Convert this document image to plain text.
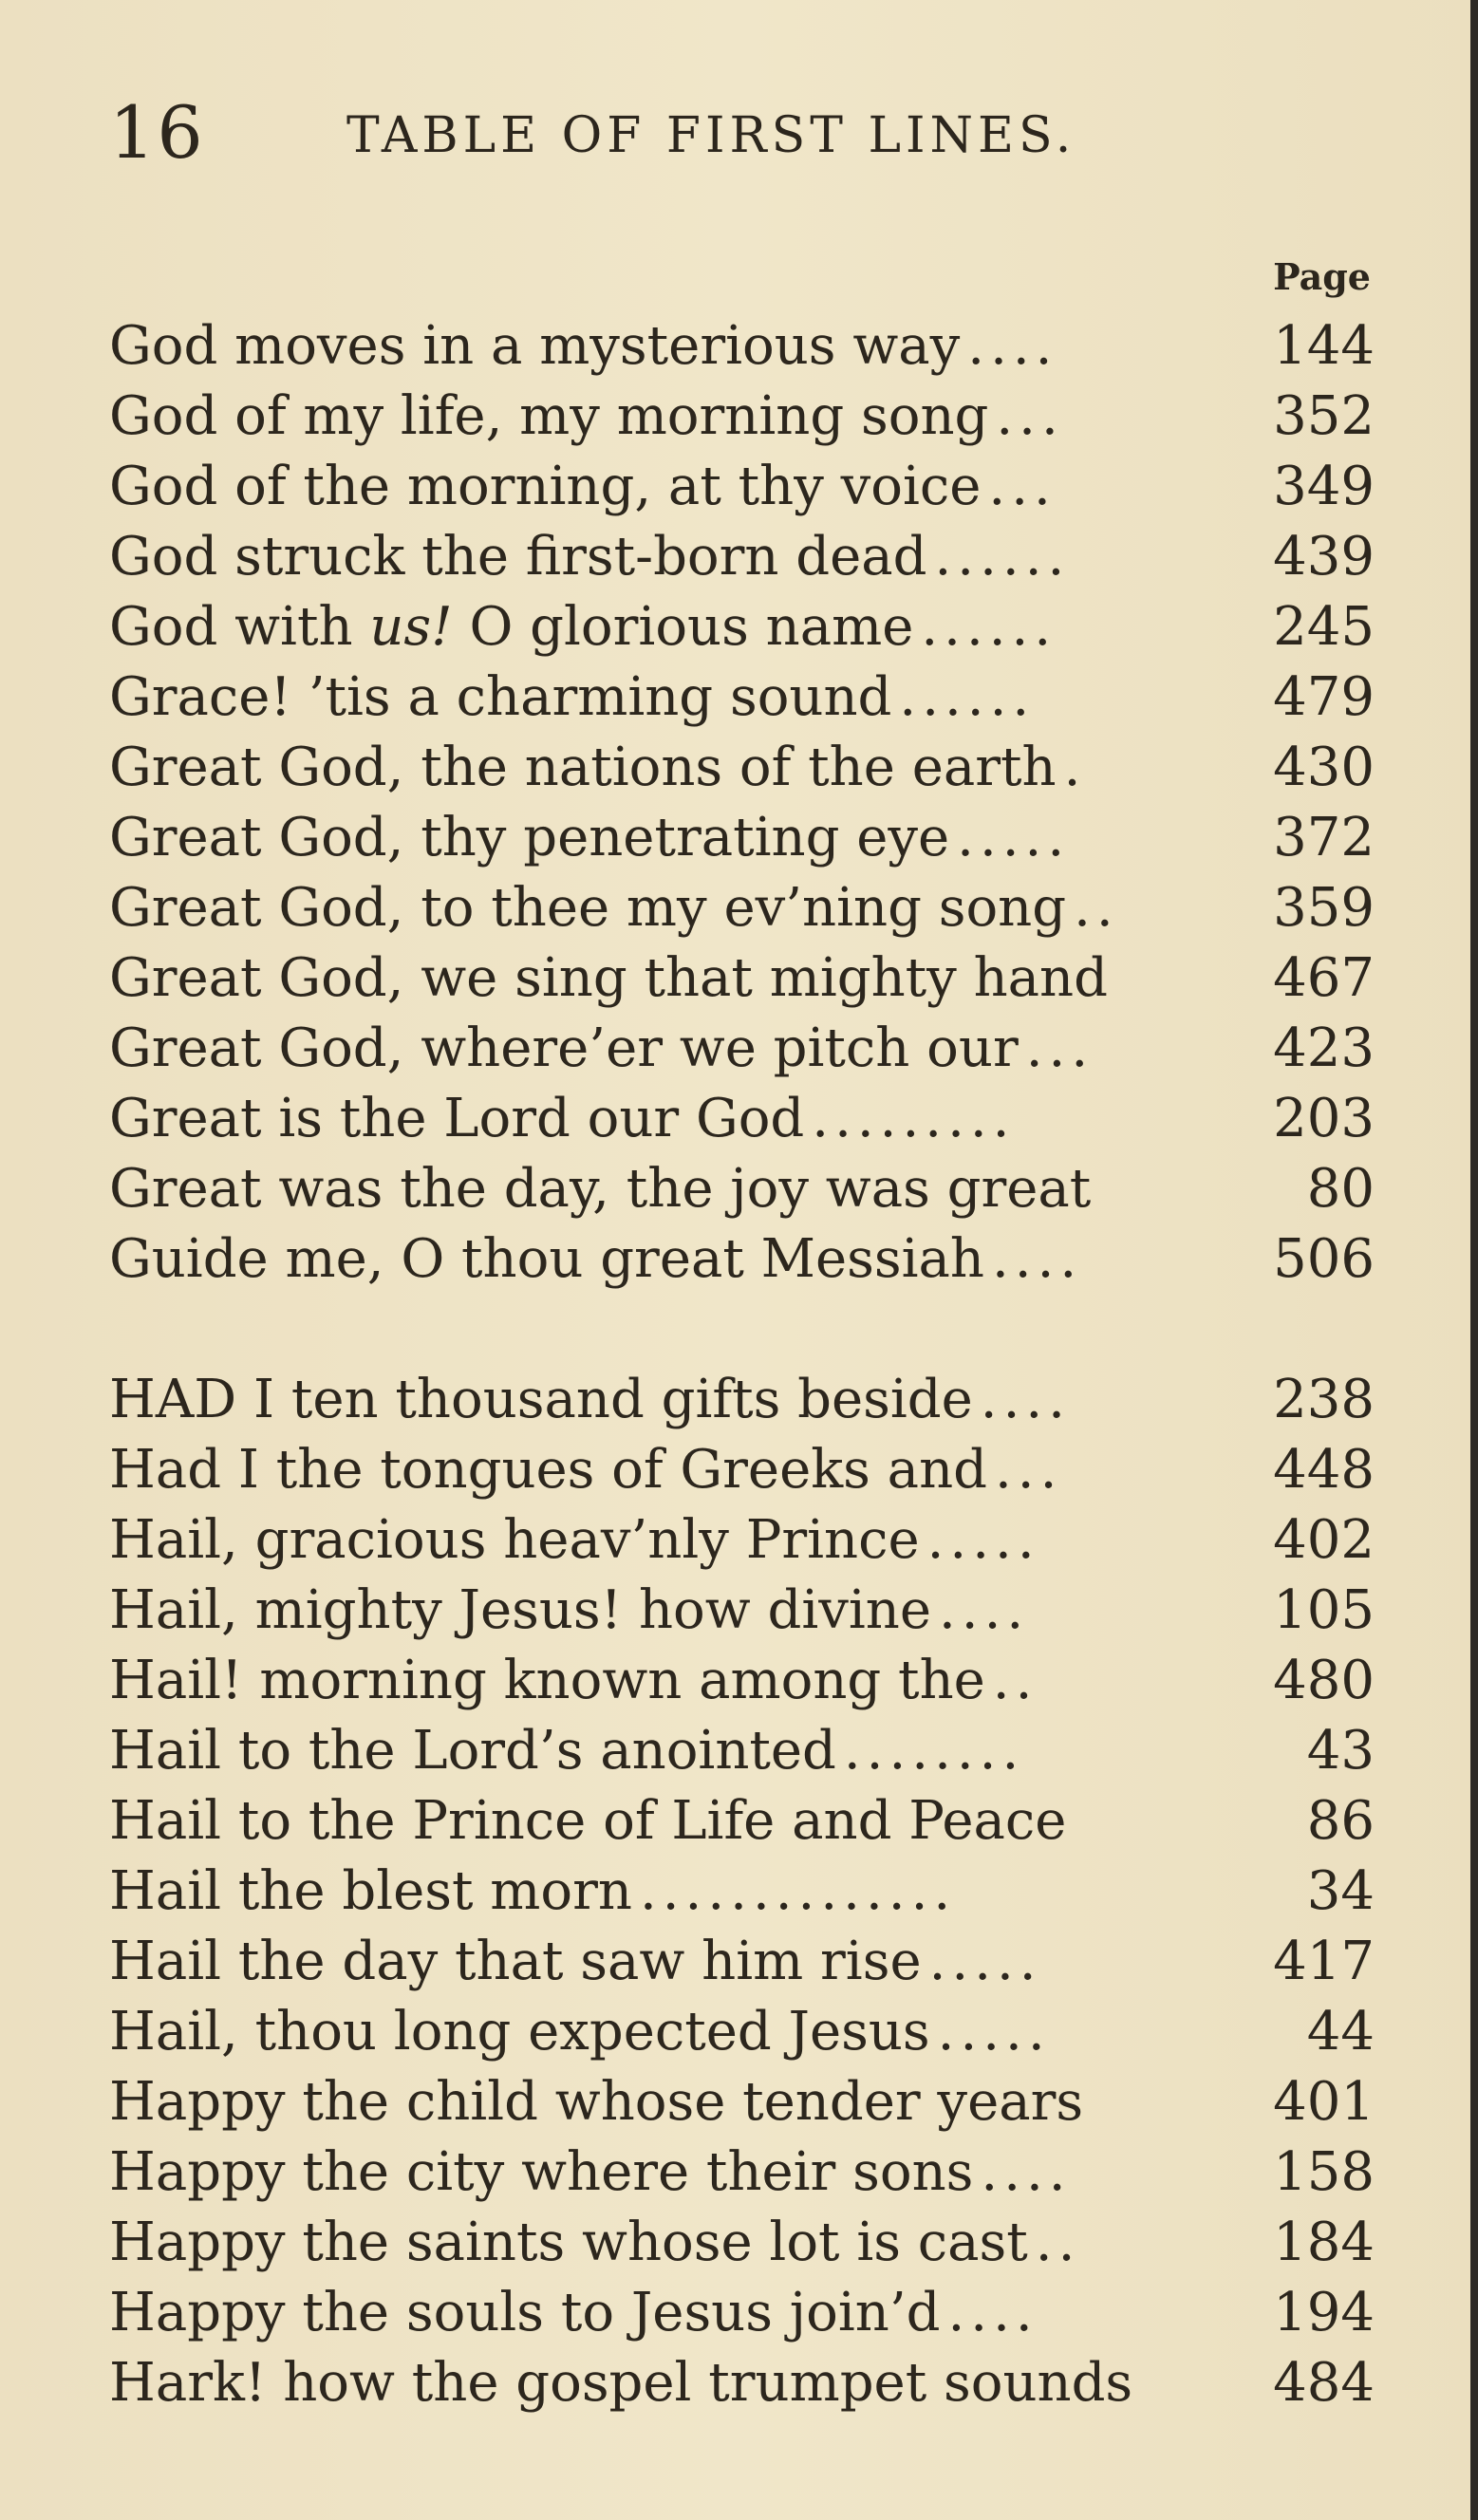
16	TABLE OF FIRST LINES.
Page
God moves in a mysterious way ....	144
God of my life, my morning song ...	352
God of the morning, at thy voice ...	349
God struck the first-born dead ......	439
God with us! O glorious name ......	245
Grace! ’tis a charming sound ......	479
Great God, the nations of the earth .	430
Great God, thy penetrating eye .....	372
Great God, to thee my ev’ning song ..	359
Great God, we sing that mighty hand	467
Great God, where’er we pitch our ...	423
Great is the Lord our God .........	203
Great was the day, the joy was great	80
Guide me, O thou great Messiah ....	506
HAD I ten thousand gifts beside ....	238
Had I the tongues of Greeks and ...	448
Hail, gracious heav’nly Prince .....	402
Hail, mighty Jesus! how divine ....	105
Hail! morning known among the ..	480
Hail to the Lord’s anointed ........	43
Hail to the Prince of Life and Peace	86
Hail the blest morn ..............	34
Hail the day that saw him rise .....	417
Hail, thou long expected Jesus .....	44
Happy the child whose tender years	401
Happy the city where their sons ....	158
Happy the saints whose lot is cast ..	184
Happy the souls to Jesus join’d ....	194
Hark! how the gospel trumpet sounds	484
